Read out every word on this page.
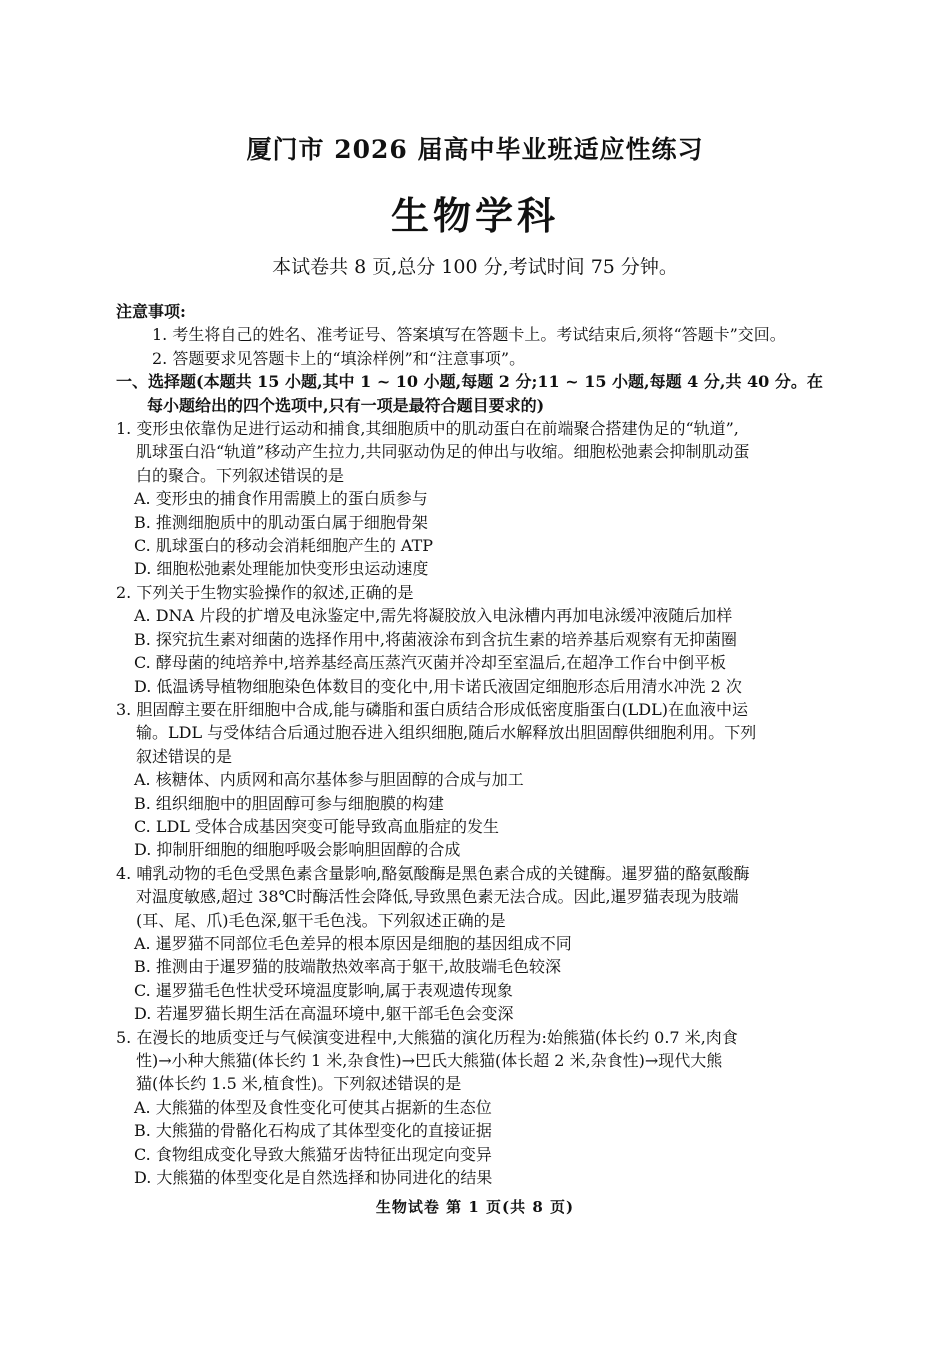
厦门市 2026 届高中毕业班适应性练习
生物学科
本试卷共 8 页,总分 100 分,考试时间 75 分钟。
注意事项:
1. 考生将自己的姓名、准考证号、答案填写在答题卡上。考试结束后,须将“答题卡”交回。
2. 答题要求见答题卡上的“填涂样例”和“注意事项”。
一、选择题(本题共 15 小题,其中 1 ~ 10 小题,每题 2 分;11 ~ 15 小题,每题 4 分,共 40 分。在
每小题给出的四个选项中,只有一项是最符合题目要求的)
1. 变形虫依靠伪足进行运动和捕食,其细胞质中的肌动蛋白在前端聚合搭建伪足的“轨道”,
肌球蛋白沿“轨道”移动产生拉力,共同驱动伪足的伸出与收缩。细胞松弛素会抑制肌动蛋
白的聚合。下列叙述错误的是
A. 变形虫的捕食作用需膜上的蛋白质参与
B. 推测细胞质中的肌动蛋白属于细胞骨架
C. 肌球蛋白的移动会消耗细胞产生的 ATP
D. 细胞松弛素处理能加快变形虫运动速度
2. 下列关于生物实验操作的叙述,正确的是
A. DNA 片段的扩增及电泳鉴定中,需先将凝胶放入电泳槽内再加电泳缓冲液随后加样
B. 探究抗生素对细菌的选择作用中,将菌液涂布到含抗生素的培养基后观察有无抑菌圈
C. 酵母菌的纯培养中,培养基经高压蒸汽灭菌并冷却至室温后,在超净工作台中倒平板
D. 低温诱导植物细胞染色体数目的变化中,用卡诺氏液固定细胞形态后用清水冲洗 2 次
3. 胆固醇主要在肝细胞中合成,能与磷脂和蛋白质结合形成低密度脂蛋白(LDL)在血液中运
输。LDL 与受体结合后通过胞吞进入组织细胞,随后水解释放出胆固醇供细胞利用。下列
叙述错误的是
A. 核糖体、内质网和高尔基体参与胆固醇的合成与加工
B. 组织细胞中的胆固醇可参与细胞膜的构建
C. LDL 受体合成基因突变可能导致高血脂症的发生
D. 抑制肝细胞的细胞呼吸会影响胆固醇的合成
4. 哺乳动物的毛色受黑色素含量影响,酪氨酸酶是黑色素合成的关键酶。暹罗猫的酪氨酸酶
对温度敏感,超过 38℃时酶活性会降低,导致黑色素无法合成。因此,暹罗猫表现为肢端
(耳、尾、爪)毛色深,躯干毛色浅。下列叙述正确的是
A. 暹罗猫不同部位毛色差异的根本原因是细胞的基因组成不同
B. 推测由于暹罗猫的肢端散热效率高于躯干,故肢端毛色较深
C. 暹罗猫毛色性状受环境温度影响,属于表观遗传现象
D. 若暹罗猫长期生活在高温环境中,躯干部毛色会变深
5. 在漫长的地质变迁与气候演变进程中,大熊猫的演化历程为:始熊猫(体长约 0.7 米,肉食
性)→小种大熊猫(体长约 1 米,杂食性)→巴氏大熊猫(体长超 2 米,杂食性)→现代大熊
猫(体长约 1.5 米,植食性)。下列叙述错误的是
A. 大熊猫的体型及食性变化可使其占据新的生态位
B. 大熊猫的骨骼化石构成了其体型变化的直接证据
C. 食物组成变化导致大熊猫牙齿特征出现定向变异
D. 大熊猫的体型变化是自然选择和协同进化的结果
生物试卷 第 1 页(共 8 页)
